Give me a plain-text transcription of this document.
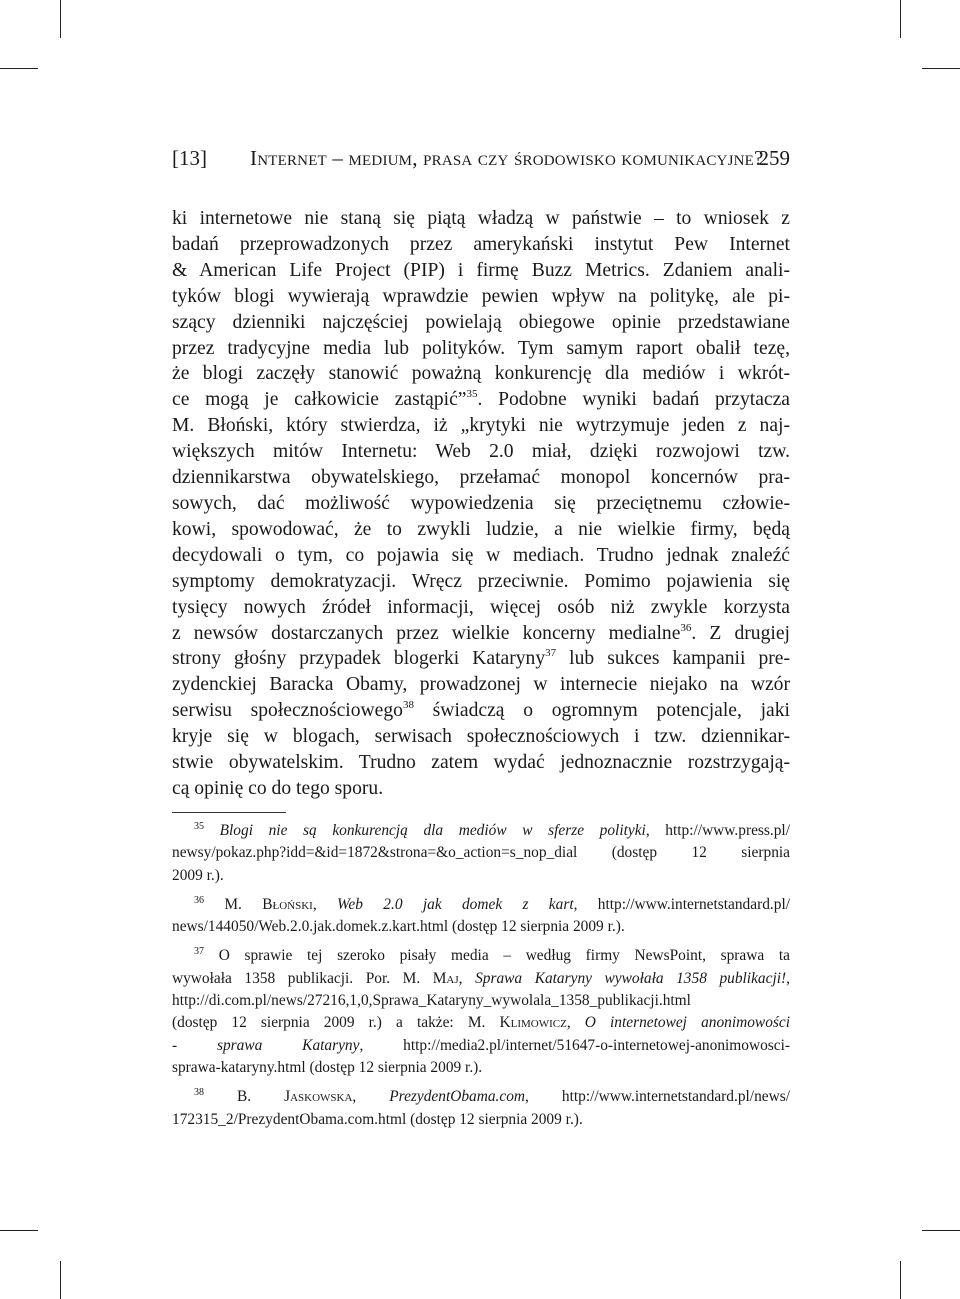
[13] Internet – medium, prasa czy środowisko komunikacyjne?
259
ki internetowe nie staną się piątą władzą w państwie – to wniosek z
badań przeprowadzonych przez amerykański instytut Pew Internet
& American Life Project (PIP) i firmę Buzz Metrics. Zdaniem anali-
tyków blogi wywierają wprawdzie pewien wpływ na politykę, ale pi-
szący dzienniki najczęściej powielają obiegowe opinie przedstawiane
przez tradycyjne media lub polityków. Tym samym raport obalił tezę,
że blogi zaczęły stanowić poważną konkurencję dla mediów i wkrót-
ce mogą je całkowicie zastąpić”$^{35}$. Podobne wyniki badań przytacza
M. Błoński, który stwierdza, iż „krytyki nie wytrzymuje jeden z naj-
większych mitów Internetu: Web 2.0 miał, dzięki rozwojowi tzw.
dziennikarstwa obywatelskiego, przełamać monopol koncernów pra-
sowych, dać możliwość wypowiedzenia się przeciętnemu człowie-
kowi, spowodować, że to zwykli ludzie, a nie wielkie firmy, będą
decydowali o tym, co pojawia się w mediach. Trudno jednak znaleźć
symptomy demokratyzacji. Wręcz przeciwnie. Pomimo pojawienia się
tysięcy nowych źródeł informacji, więcej osób niż zwykle korzysta
z newsów dostarczanych przez wielkie koncerny medialne$^{36}$. Z drugiej
strony głośny przypadek blogerki Kataryny$^{37}$ lub sukces kampanii pre-
zydenckiej Baracka Obamy, prowadzonej w internecie niejako na wzór
serwisu społecznościowego$^{38}$ świadczą o ogromnym potencjale, jaki
kryje się w blogach, serwisach społecznościowych i tzw. dziennikar-
stwie obywatelskim. Trudno zatem wydać jednoznacznie rozstrzygają-
cą opinię co do tego sporu.
$^{35}$ Blogi nie są konkurencją dla mediów w sferze polityki, http://www.press.pl/
newsy/pokaz.php?idd=&id=1872&strona=&o_action=s_nop_dial (dostęp 12 sierpnia
2009 r.).
$^{36}$ M. Błoński, Web 2.0 jak domek z kart, http://www.internetstandard.pl/
news/144050/Web.2.0.jak.domek.z.kart.html (dostęp 12 sierpnia 2009 r.).
$^{37}$ O sprawie tej szeroko pisały media – według firmy NewsPoint, sprawa ta
wywołała 1358 publikacji. Por. M. Maj, Sprawa Kataryny wywołała 1358 publikacji!,
http://di.com.pl/news/27216,1,0,Sprawa_Kataryny_wywolala_1358_publikacji.html
(dostęp 12 sierpnia 2009 r.) a także: M. Klimowicz, O internetowej anonimowości
- sprawa Kataryny, http://media2.pl/internet/51647-o-internetowej-anonimowosci-
sprawa-kataryny.html (dostęp 12 sierpnia 2009 r.).
$^{38}$ B. Jaskowska, PrezydentObama.com, http://www.internetstandard.pl/news/
172315_2/PrezydentObama.com.html (dostęp 12 sierpnia 2009 r.).
